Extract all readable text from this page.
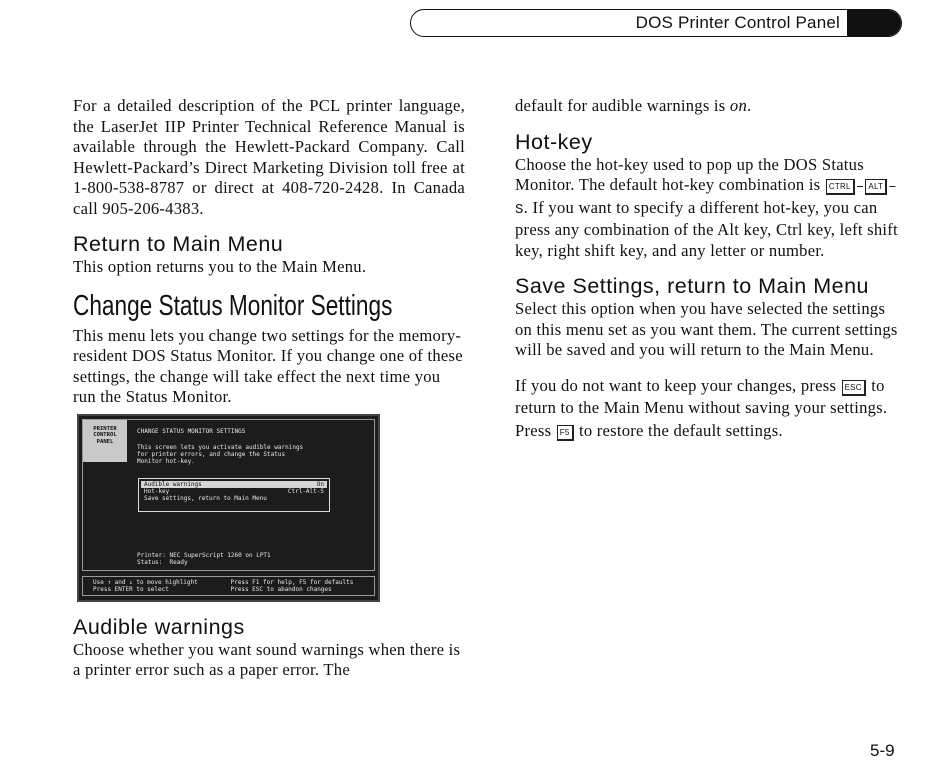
DOS Printer Control Panel

For a detailed description of the PCL printer language, the LaserJet IIP Printer Technical Reference Manual is available through the Hewlett-Packard Company. Call Hewlett-Packard’s Direct Marketing Division toll free at 1-800-538-8787 or direct at 408-720-2428. In Canada call 905-206-4383.

Return to Main Menu

This option returns you to the Main Menu.

Change Status Monitor Settings

This menu lets you change two settings for the memory-resident DOS Status Monitor. If you change one of these settings, the change will take effect the next time you run the Status Monitor.

PRINTER
CONTROL
PANEL
CHANGE STATUS MONITOR SETTINGS
This screen lets you activate audible warnings
for printer errors, and change the Status
Monitor hot-key.
Audible warnings	On
Hot-key	Ctrl-Alt-S
Save settings, return to Main Menu
Printer: NEC SuperScript 1260 on LPT1
Status:  Ready
Use ↑ and ↓ to move highlight
Press ENTER to select
Press F1 for help, F5 for defaults
Press ESC to abandon changes
Audible warnings

Choose whether you want sound warnings when there is a printer error such as a paper error. The

default for audible warnings is on.

Hot-key

Choose the hot-key used to pop up the DOS Status Monitor. The default hot-key combination is CTRL – ALT –S. If you want to specify a different hot-key, you can press any combination of the Alt key, Ctrl key, left shift key, right shift key, and any letter or number.

Save Settings, return to Main Menu

Select this option when you have selected the settings on this menu set as you want them. The current settings will be saved and you will return to the Main Menu.

If you do not want to keep your changes, press ESC to return to the Main Menu without saving your settings. Press F5 to restore the default settings.

5-9
